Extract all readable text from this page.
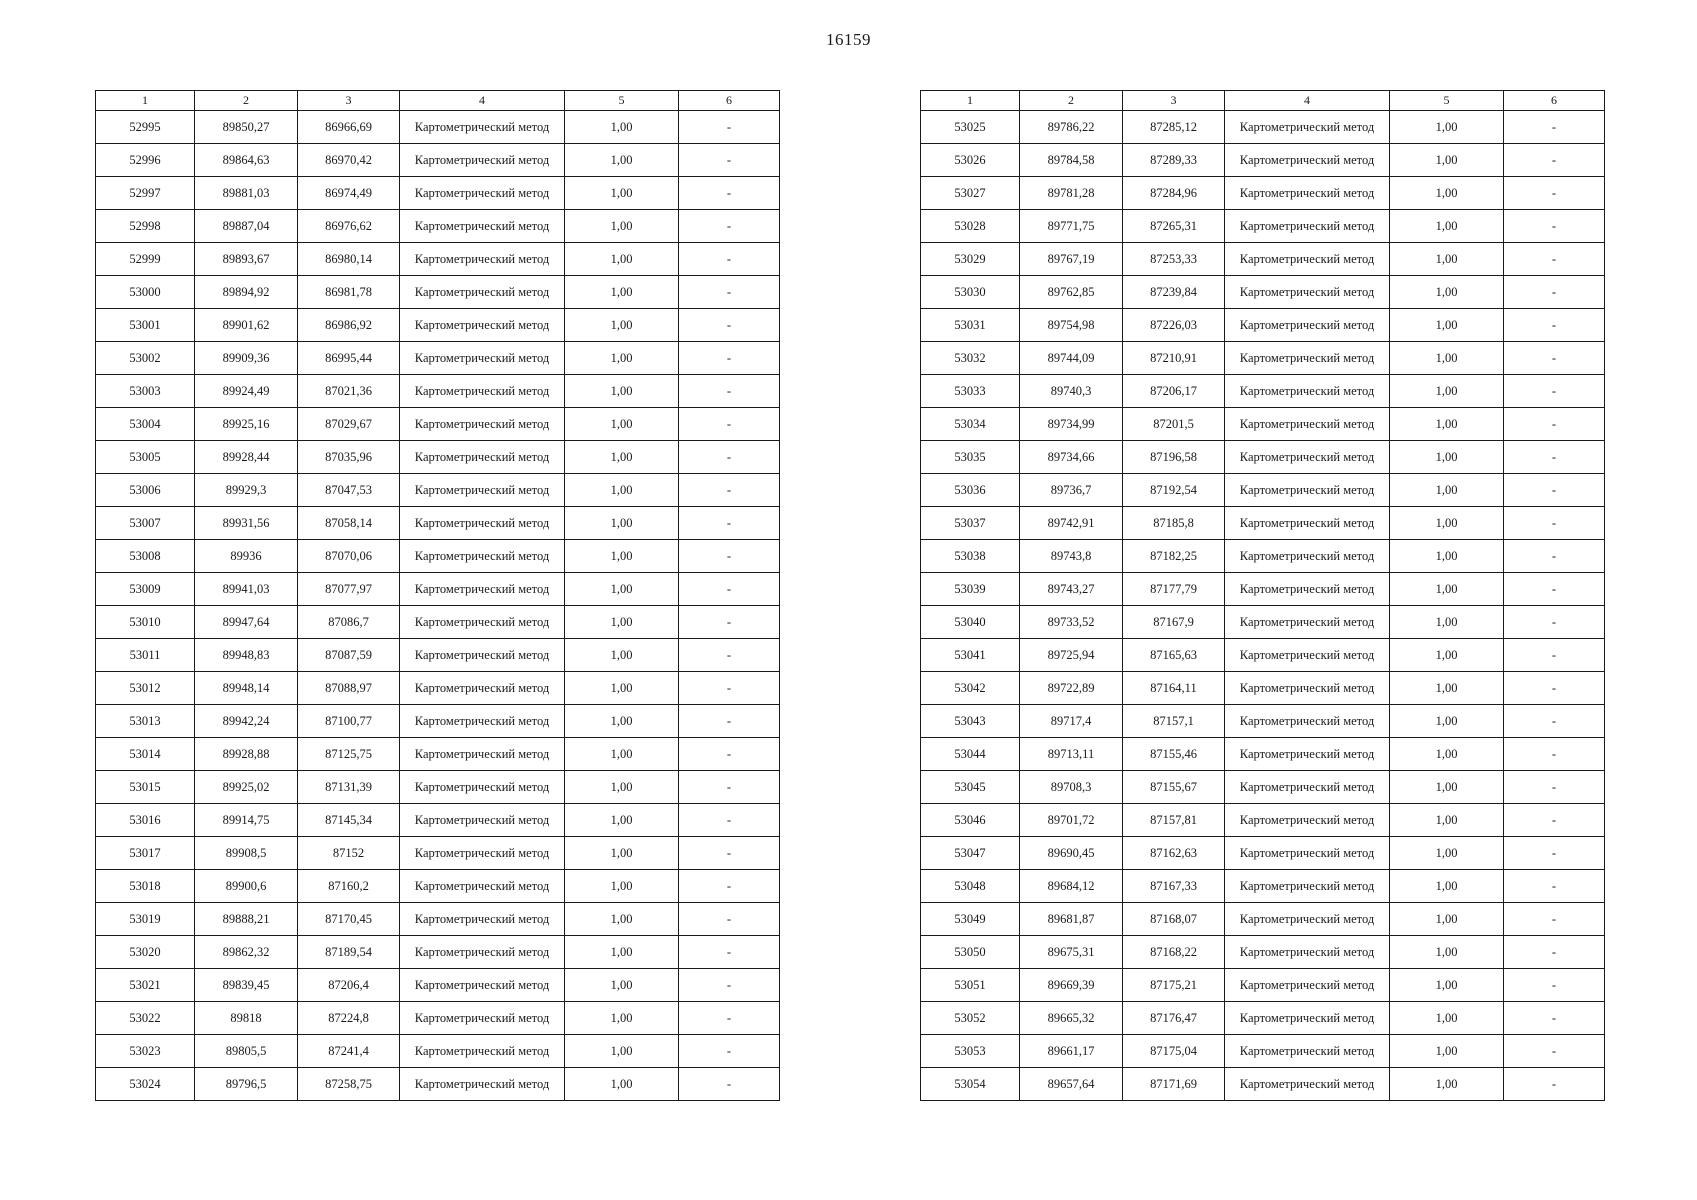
16159
1	2	3	4	5	6
52995	89850,27	86966,69	Картометрический метод	1,00	-
52996	89864,63	86970,42	Картометрический метод	1,00	-
52997	89881,03	86974,49	Картометрический метод	1,00	-
52998	89887,04	86976,62	Картометрический метод	1,00	-
52999	89893,67	86980,14	Картометрический метод	1,00	-
53000	89894,92	86981,78	Картометрический метод	1,00	-
53001	89901,62	86986,92	Картометрический метод	1,00	-
53002	89909,36	86995,44	Картометрический метод	1,00	-
53003	89924,49	87021,36	Картометрический метод	1,00	-
53004	89925,16	87029,67	Картометрический метод	1,00	-
53005	89928,44	87035,96	Картометрический метод	1,00	-
53006	89929,3	87047,53	Картометрический метод	1,00	-
53007	89931,56	87058,14	Картометрический метод	1,00	-
53008	89936	87070,06	Картометрический метод	1,00	-
53009	89941,03	87077,97	Картометрический метод	1,00	-
53010	89947,64	87086,7	Картометрический метод	1,00	-
53011	89948,83	87087,59	Картометрический метод	1,00	-
53012	89948,14	87088,97	Картометрический метод	1,00	-
53013	89942,24	87100,77	Картометрический метод	1,00	-
53014	89928,88	87125,75	Картометрический метод	1,00	-
53015	89925,02	87131,39	Картометрический метод	1,00	-
53016	89914,75	87145,34	Картометрический метод	1,00	-
53017	89908,5	87152	Картометрический метод	1,00	-
53018	89900,6	87160,2	Картометрический метод	1,00	-
53019	89888,21	87170,45	Картометрический метод	1,00	-
53020	89862,32	87189,54	Картометрический метод	1,00	-
53021	89839,45	87206,4	Картометрический метод	1,00	-
53022	89818	87224,8	Картометрический метод	1,00	-
53023	89805,5	87241,4	Картометрический метод	1,00	-
53024	89796,5	87258,75	Картометрический метод	1,00	-
1	2	3	4	5	6
53025	89786,22	87285,12	Картометрический метод	1,00	-
53026	89784,58	87289,33	Картометрический метод	1,00	-
53027	89781,28	87284,96	Картометрический метод	1,00	-
53028	89771,75	87265,31	Картометрический метод	1,00	-
53029	89767,19	87253,33	Картометрический метод	1,00	-
53030	89762,85	87239,84	Картометрический метод	1,00	-
53031	89754,98	87226,03	Картометрический метод	1,00	-
53032	89744,09	87210,91	Картометрический метод	1,00	-
53033	89740,3	87206,17	Картометрический метод	1,00	-
53034	89734,99	87201,5	Картометрический метод	1,00	-
53035	89734,66	87196,58	Картометрический метод	1,00	-
53036	89736,7	87192,54	Картометрический метод	1,00	-
53037	89742,91	87185,8	Картометрический метод	1,00	-
53038	89743,8	87182,25	Картометрический метод	1,00	-
53039	89743,27	87177,79	Картометрический метод	1,00	-
53040	89733,52	87167,9	Картометрический метод	1,00	-
53041	89725,94	87165,63	Картометрический метод	1,00	-
53042	89722,89	87164,11	Картометрический метод	1,00	-
53043	89717,4	87157,1	Картометрический метод	1,00	-
53044	89713,11	87155,46	Картометрический метод	1,00	-
53045	89708,3	87155,67	Картометрический метод	1,00	-
53046	89701,72	87157,81	Картометрический метод	1,00	-
53047	89690,45	87162,63	Картометрический метод	1,00	-
53048	89684,12	87167,33	Картометрический метод	1,00	-
53049	89681,87	87168,07	Картометрический метод	1,00	-
53050	89675,31	87168,22	Картометрический метод	1,00	-
53051	89669,39	87175,21	Картометрический метод	1,00	-
53052	89665,32	87176,47	Картометрический метод	1,00	-
53053	89661,17	87175,04	Картометрический метод	1,00	-
53054	89657,64	87171,69	Картометрический метод	1,00	-
